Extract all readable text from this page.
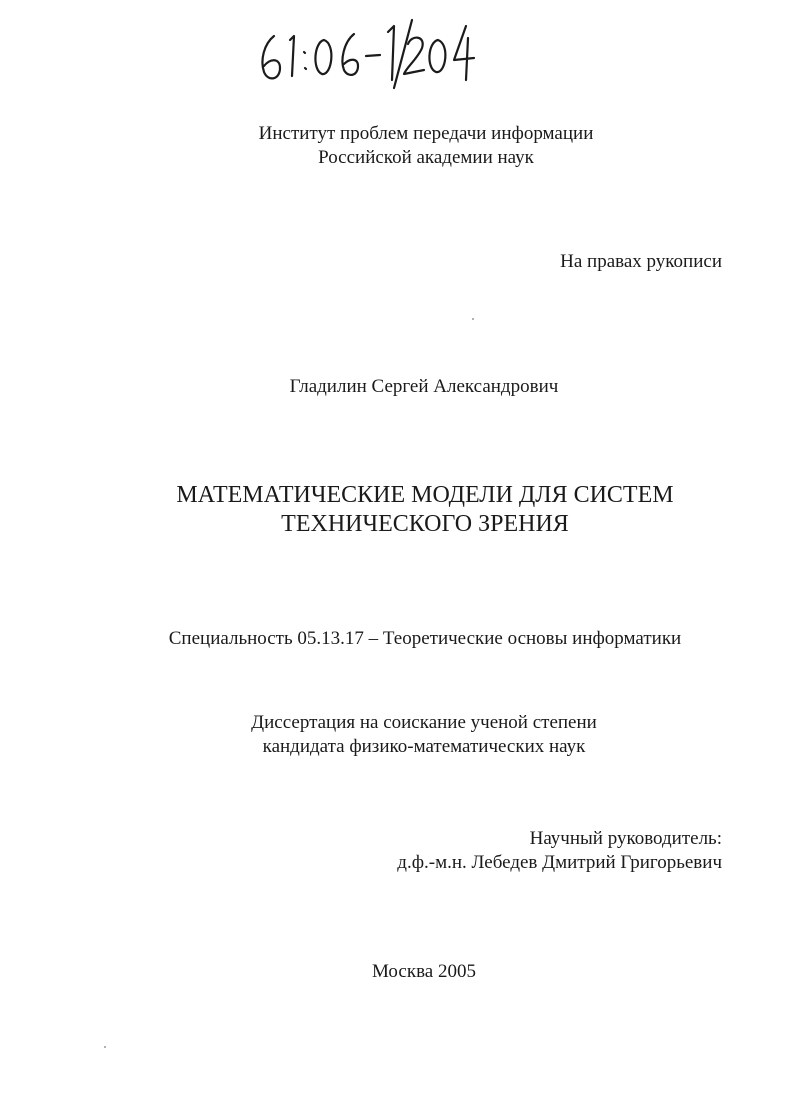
Институт проблем передачи информации
Российской академии наук
На правах рукописи
Гладилин Сергей Александрович
МАТЕМАТИЧЕСКИЕ МОДЕЛИ ДЛЯ СИСТЕМ
ТЕХНИЧЕСКОГО ЗРЕНИЯ
Специальность 05.13.17 – Теоретические основы информатики
Диссертация на соискание ученой степени
кандидата физико-математических наук
Научный руководитель:
д.ф.-м.н. Лебедев Дмитрий Григорьевич
Москва 2005
